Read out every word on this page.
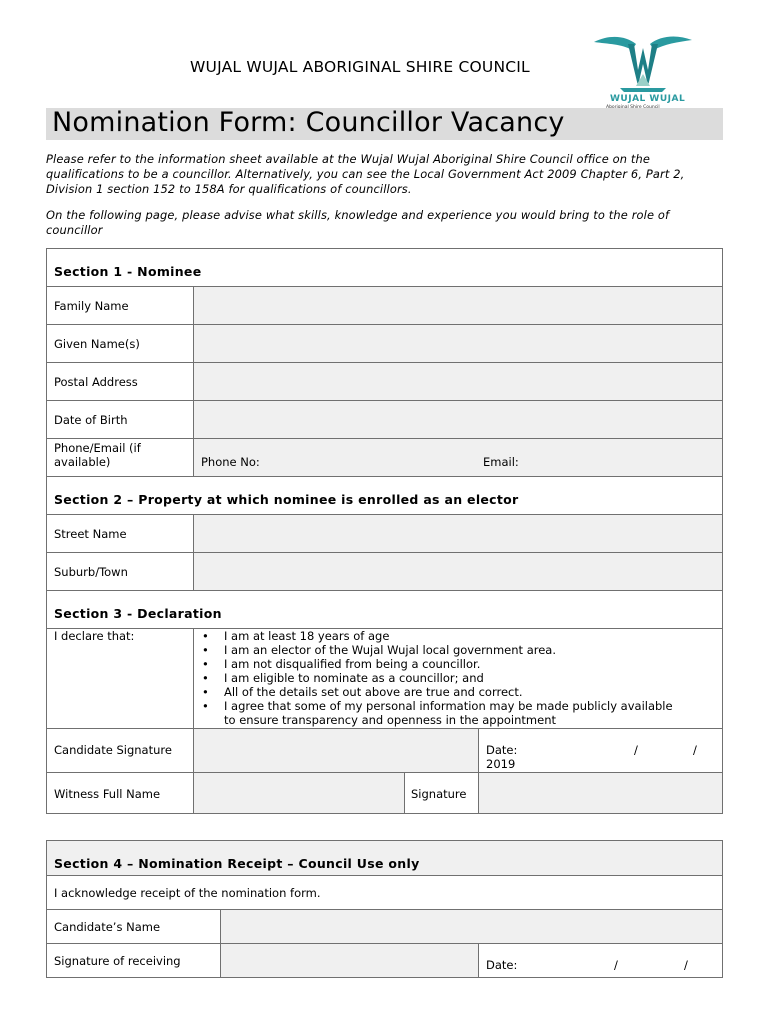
WUJAL WUJAL ABORIGINAL SHIRE COUNCIL
WUJAL WUJAL
Nomination Form: Councillor Vacancy
Please refer to the information sheet available at the Wujal Wujal Aboriginal Shire Council office on the qualifications to be a councillor. Alternatively, you can see the Local Government Act 2009 Chapter 6, Part 2, Division 1 section 152 to 158A for qualifications of councillors.
On the following page, please advise what skills, knowledge and experience you would bring to the role of councillor
Section 1 - Nominee
Family Name
Given Name(s)
Postal Address
Date of Birth
Phone/Email (if available)	Phone No:	Email:
Section 2 – Property at which nominee is enrolled as an elector
Street Name
Suburb/Town
Section 3 - Declaration
I declare that:
•	I am at least 18 years of age
• I am an elector of the Wujal Wujal local government area.
• I am not disqualified from being a councillor.
• I am eligible to nominate as a councillor; and
• All of the details set out above are true and correct.
• I agree that some of my personal information may be made publicly available to ensure transparency and openness in the appointment
Candidate Signature	Date:	/	/
2019
Witness Full Name	Signature
Section 4 – Nomination Receipt – Council Use only
I acknowledge receipt of the nomination form.
Candidate’s Name
Signature of receiving	Date:	/	/
